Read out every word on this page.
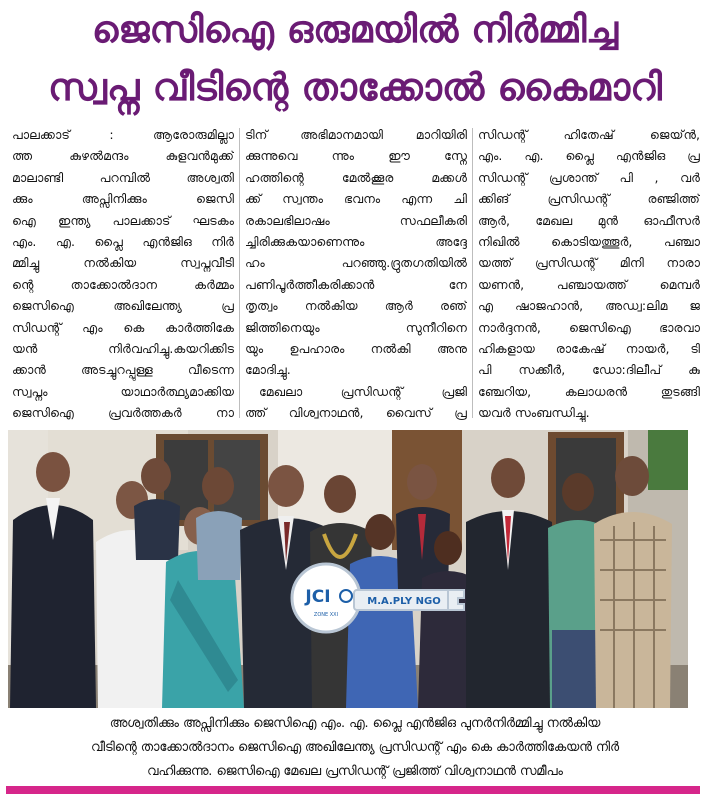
ജെസിഐ ഒരുമയിൽ നിർമ്മിച്ച
സ്വപ്ന വീടിന്റെ താക്കോൽ കൈമാറി
പാലക്കാട് : ആരോരുമില്ലാ
ത്ത കുഴൽമന്ദം കുളവൻമുക്ക്
മാലാണ്ടി പറമ്പിൽ അശ്വതി
ക്കും അപ്സിനിക്കും ജെസി
ഐ ഇന്ത്യ പാലക്കാട് ഘടകം
എം. എ. പ്ലൈ എൻജിഒ നിർ
മ്മിച്ചു നൽകിയ സ്വപ്നവീടി
ന്റെ താക്കോൽദാന കർമ്മം
ജെസിഐ അഖിലേന്ത്യ പ്ര
സിഡന്റ് എം കെ കാർത്തികേ
യൻ നിർവഹിച്ചു.കയറിക്കിട
ക്കാൻ അടച്ചുറപ്പുള്ള വീടെന്ന
സ്വപ്നം യാഥാർത്ഥ്യമാക്കിയ
ജെസിഐ പ്രവർത്തകർ നാ
ടിന് അഭിമാനമായി മാറിയിരി
ക്കുന്നുവെ ന്നും ഈ സ്നേ
ഹത്തിന്റെ മേൽക്കൂര മക്കൾ
ക്ക് സ്വന്തം ഭവനം എന്ന ചി
രകാലഭിലാഷം സഫലീകരി
ച്ചിരിക്കുകയാണെന്നും അദ്ദേ
ഹം പറഞ്ഞു.ദ്രുതഗതിയിൽ
പണിപൂർത്തീകരിക്കാൻ നേ
തൃത്വം നൽകിയ ആർ രഞ്
ജിത്തിനെയും സുനീറിനെ
യും ഉപഹാരം നൽകി അനു
മോദിച്ചു.
മേഖലാ പ്രസിഡന്റ് പ്രജി
ത്ത് വിശ്വനാഥൻ, വൈസ് പ്ര
സിഡന്റ് ഹിതേഷ് ജെയ്ൻ,
എം. എ. പ്ലൈ എൻജിഒ പ്ര
സിഡന്റ് പ്രശാന്ത് പി , വർ
ക്കിങ് പ്രസിഡന്റ് രഞ്ജിത്ത്
ആർ, മേഖല മുൻ ഓഫീസർ
നിഖിൽ കൊടിയത്തൂർ, പഞ്ചാ
യത്ത് പ്രസിഡന്റ് മിനി നാരാ
യണൻ, പഞ്ചായത്ത് മെമ്പർ
എ ഷാജഹാൻ, അഡ്വ:ലിമ ജ
നാർദ്ദനൻ, ജെസിഐ ഭാരവാ
ഹികളായ രാകേഷ് നായർ, ടി
പി സക്കീർ, ഡോ:ദിലീപ് കു
ഞ്ചേറിയ, കലാധരൻ തുടങ്ങി
യവർ സംബന്ധിച്ചു.
JCI
ZONE XXI
M.A.PLY NGO
അശ്വതിക്കും അപ്സിനിക്കും ജെസിഐ എം. എ. പ്ലൈ എൻജിഒ പുനർനിർമ്മിച്ചു നൽകിയ
വീടിന്റെ താക്കോൽദാനം ജെസിഐ അഖിലേന്ത്യ പ്രസിഡന്റ് എം കെ കാർത്തികേയൻ നിർ
വഹിക്കുന്നു. ജെസിഐ മേഖല പ്രസിഡന്റ് പ്രജിത്ത് വിശ്വനാഥൻ സമീപം
